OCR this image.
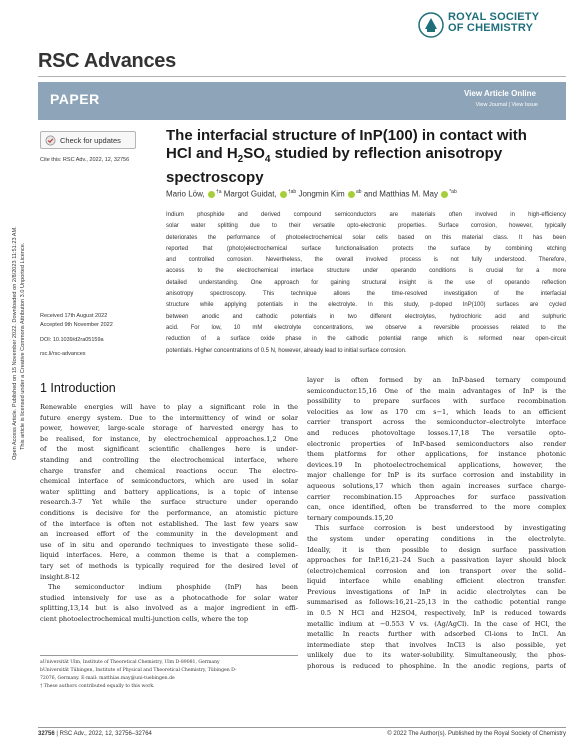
ROYAL SOCIETY
OF CHEMISTRY
RSC Advances
PAPER	View Article Online
View Journal | View Issue
Open Access Article. Published on 15 November 2022. Downloaded on 2/8/2023 11:51:23 AM. This article is licensed under a Creative Commons Attribution 3.0 Unported Licence.
Check for updates
Cite this: RSC Adv., 2022, 12, 32756
Received 17th August 2022
Accepted 9th November 2022
DOI: 10.1039/d2ra05159a
rsc.li/rsc-advances
The interfacial structure of InP(100) in contact with
HCl and $H_2SO_4$ studied by reflection anisotropy
spectroscopy
Mario Löw, $^{\dagger a}$ Margot Guidat, $^{\dagger ab}$ Jongmin Kim $^{ab}$ and Matthias M. May $^{*ab}$
Indium phosphide and derived compound semiconductors are materials often involved in high-efficiency
solar water splitting due to their versatile opto-electronic properties. Surface corrosion, however, typically
deteriorates the performance of photoelectrochemical solar cells based on this material class. It has been
reported that (photo)electrochemical surface functionalisation protects the surface by combining etching
and controlled corrosion. Nevertheless, the overall involved process is not fully understood. Therefore,
access to the electrochemical interface structure under operando conditions is crucial for a more
detailed understanding. One approach for gaining structural insight is the use of operando reflection
anisotropy spectroscopy. This technique allows the time-resolved investigation of the interfacial
structure while applying potentials in the electrolyte. In this study, p-doped InP(100) surfaces are cycled
between anodic and cathodic potentials in two different electrolytes, hydrochloric acid and sulphuric
acid. For low, 10 mM electrolyte concentrations, we observe a reversible processes related to the
reduction of a surface oxide phase in the cathodic potential range which is reformed near open-circuit
potentials. Higher concentrations of 0.5 N, however, already lead to initial surface corrosion.
1 Introduction
Renewable energies will have to play a significant role in the
future energy system. Due to the intermittency of wind or solar
power, however, large-scale storage of harvested energy has to
be realised, for instance, by electrochemical approaches.1,2 One
of the most significant scientific challenges here is under-
standing and controlling the electrochemical interface, where
charge transfer and chemical reactions occur. The electro-
chemical interface of semiconductors, which are used in solar
water splitting and battery applications, is a topic of intense
research.3-7 Yet while the surface structure under operando
conditions is decisive for the performance, an atomistic picture
of the interface is often not established. The last few years saw
an increased effort of the community in the development and
use of in situ and operando techniques to investigate these solid–
liquid interfaces. Here, a common theme is that a complemen-
tary set of methods is typically required for the desired level of
insight.8-12
The semiconductor indium phosphide (InP) has been
studied intensively for use as a photocathode for solar water
splitting,13,14 but is also involved as a major ingredient in effi-
cient photoelectrochemical multi-junction cells, where the top
layer is often formed by an InP-based ternary compound
semiconductor.15,16 One of the main advantages of InP is the
possibility to prepare surfaces with surface recombination
velocities as low as 170 cm s−1, which leads to an efficient
carrier transport across the semiconductor–electrolyte interface
and reduces photovoltage losses.17,18 The versatile opto-
electronic properties of InP-based semiconductors also render
them platforms for other applications, for instance photonic
devices.19 In photoelectrochemical applications, however, the
major challenge for InP is its surface corrosion and instability in
aqueous solutions,17 which then again increases surface charge-
carrier recombination.15 Approaches for surface passivation
can, once identified, often be transferred to the more complex
ternary compounds.15,20
This surface corrosion is best understood by investigating
the system under operating conditions in the electrolyte.
Ideally, it is then possible to design surface passivation
approaches for InP.16,21–24 Such a passivation layer should block
(electro)chemical corrosion and ion transport over the solid–
liquid interface while enabling efficient electron transfer.
Previous investigations of InP in acidic electrolytes can be
summarised as follows:16,21–25,13 in the cathodic potential range
in 0.5 N HCl and H2SO4, respectively, InP is reduced towards
metallic indium at −0.553 V vs. (Ag/AgCl). In the case of HCl, the
metallic In reacts further with adsorbed Cl-ions to InCl. An
intermediate step that involves InCl3 is also possible, yet
unlikely due to its water-solubility. Simultaneously, the phos-
phorous is reduced to phosphine. In the anodic regions, parts of
aUniversität Ulm, Institute of Theoretical Chemistry, Ulm D-89081, Germany
bUniversität Tübingen, Institute of Physical and Theoretical Chemistry, Tübingen D-
72076, Germany. E-mail: matthias.may@uni-tuebingen.de
† These authors contributed equally to this work.
32756 | RSC Adv., 2022, 12, 32756–32764	© 2022 The Author(s). Published by the Royal Society of Chemistry
